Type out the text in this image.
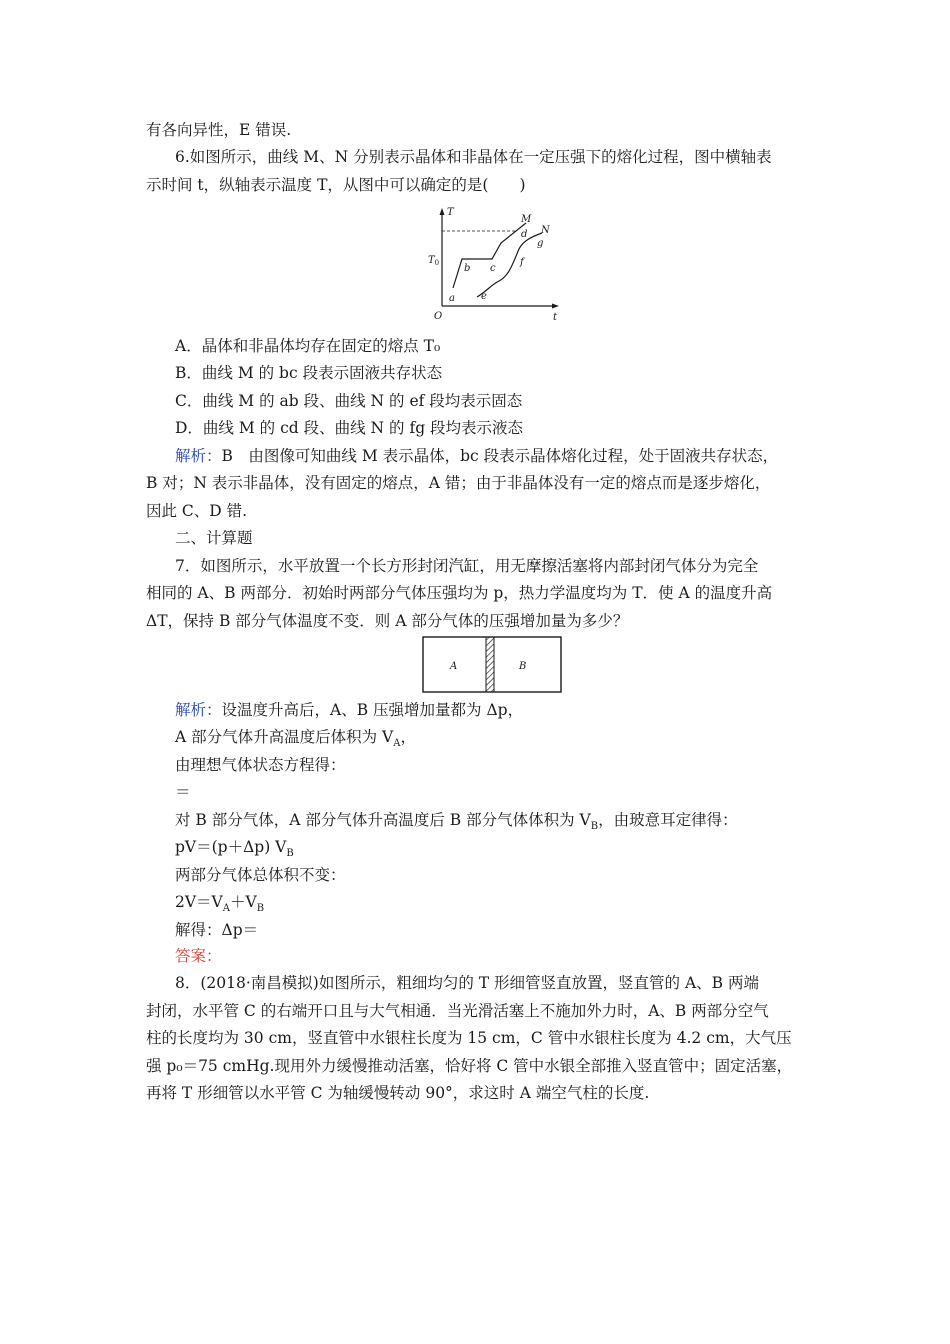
有各向异性，E 错误.
6.如图所示，曲线 M、N 分别表示晶体和非晶体在一定压强下的熔化过程，图中横轴表
示时间 t，纵轴表示温度 T，从图中可以确定的是(　　)
T
t
O
$T_0$
a
b c
d
e
f
g
M
N
A．晶体和非晶体均存在固定的熔点 T₀
B．曲线 M 的 bc 段表示固液共存状态
C．曲线 M 的 ab 段、曲线 N 的 ef 段均表示固态
D．曲线 M 的 cd 段、曲线 N 的 fg 段均表示液态
解析：B　由图像可知曲线 M 表示晶体，bc 段表示晶体熔化过程，处于固液共存状态，
B 对；N 表示非晶体，没有固定的熔点，A 错；由于非晶体没有一定的熔点而是逐步熔化，
因此 C、D 错.
二、计算题
7．如图所示，水平放置一个长方形封闭汽缸，用无摩擦活塞将内部封闭气体分为完全
相同的 A、B 两部分．初始时两部分气体压强均为 p，热力学温度均为 T．使 A 的温度升高
ΔT，保持 B 部分气体温度不变．则 A 部分气体的压强增加量为多少？
A	B
解析：设温度升高后，A、B 压强增加量都为 Δp，
A 部分气体升高温度后体积为 $V_A$，
由理想气体状态方程得：
＝
对 B 部分气体，A 部分气体升高温度后 B 部分气体体积为 $V_B$，由玻意耳定律得：
pV＝(p＋Δp) $V_B$
两部分气体总体积不变：
$2V=V_A+V_B$
解得：Δp＝
答案：
8．(2018·南昌模拟)如图所示，粗细均匀的 T 形细管竖直放置，竖直管的 A、B 两端
封闭，水平管 C 的右端开口且与大气相通．当光滑活塞上不施加外力时，A、B 两部分空气
柱的长度均为 30 cm，竖直管中水银柱长度为 15 cm，C 管中水银柱长度为 4.2 cm，大气压
强 p₀＝75 cmHg.现用外力缓慢推动活塞，恰好将 C 管中水银全部推入竖直管中；固定活塞，
再将 T 形细管以水平管 C 为轴缓慢转动 90°，求这时 A 端空气柱的长度.
